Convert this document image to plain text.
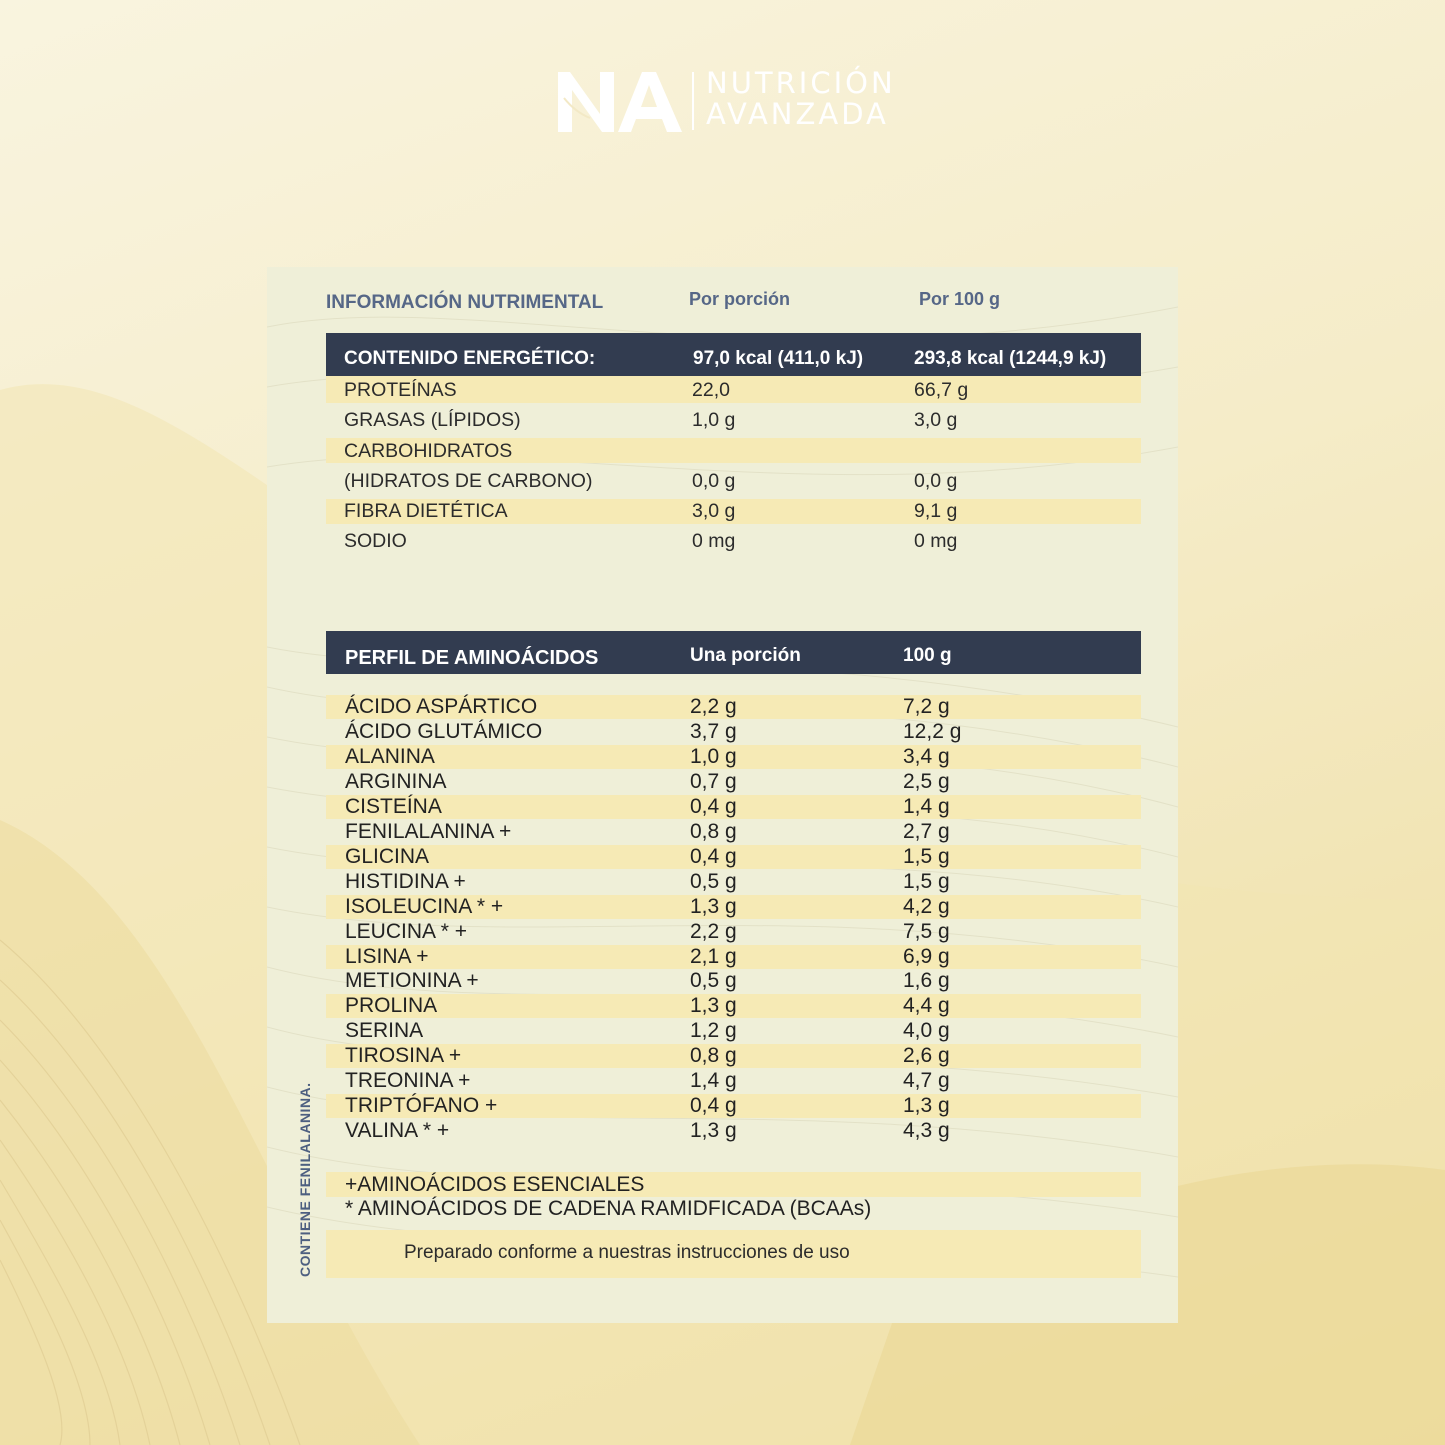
NUTRICIÓN
AVANZADA
INFORMACIÓN NUTRIMENTAL	Por porción	Por 100 g
CONTENIDO ENERGÉTICO:	97,0 kcal (411,0 kJ)	293,8 kcal (1244,9 kJ)
PROTEÍNAS	22,0	66,7 g
GRASAS (LÍPIDOS)	1,0 g	3,0 g
CARBOHIDRATOS
(HIDRATOS DE CARBONO)	0,0 g	0,0 g
FIBRA DIETÉTICA	3,0 g	9,1 g
SODIO	0 mg	0 mg
PERFIL DE AMINOÁCIDOS	Una porción	100 g
ÁCIDO ASPÁRTICO	2,2 g	7,2 g
ÁCIDO GLUTÁMICO	3,7 g	12,2 g
ALANINA	1,0 g	3,4 g
ARGININA	0,7 g	2,5 g
CISTEÍNA	0,4 g	1,4 g
FENILALANINA +	0,8 g	2,7 g
GLICINA	0,4 g	1,5 g
HISTIDINA +	0,5 g	1,5 g
ISOLEUCINA * +	1,3 g	4,2 g
LEUCINA * +	2,2 g	7,5 g
LISINA +	2,1 g	6,9 g
METIONINA +	0,5 g	1,6 g
PROLINA	1,3 g	4,4 g
SERINA	1,2 g	4,0 g
TIROSINA +	0,8 g	2,6 g
TREONINA +	1,4 g	4,7 g
TRIPTÓFANO +	0,4 g	1,3 g
VALINA * +	1,3 g	4,3 g
CONTIENE FENILALANINA. +AMINOÁCIDOS ESENCIALES
* AMINOÁCIDOS DE CADENA RAMIDFICADA (BCAAs)
Preparado conforme a nuestras instrucciones de uso
